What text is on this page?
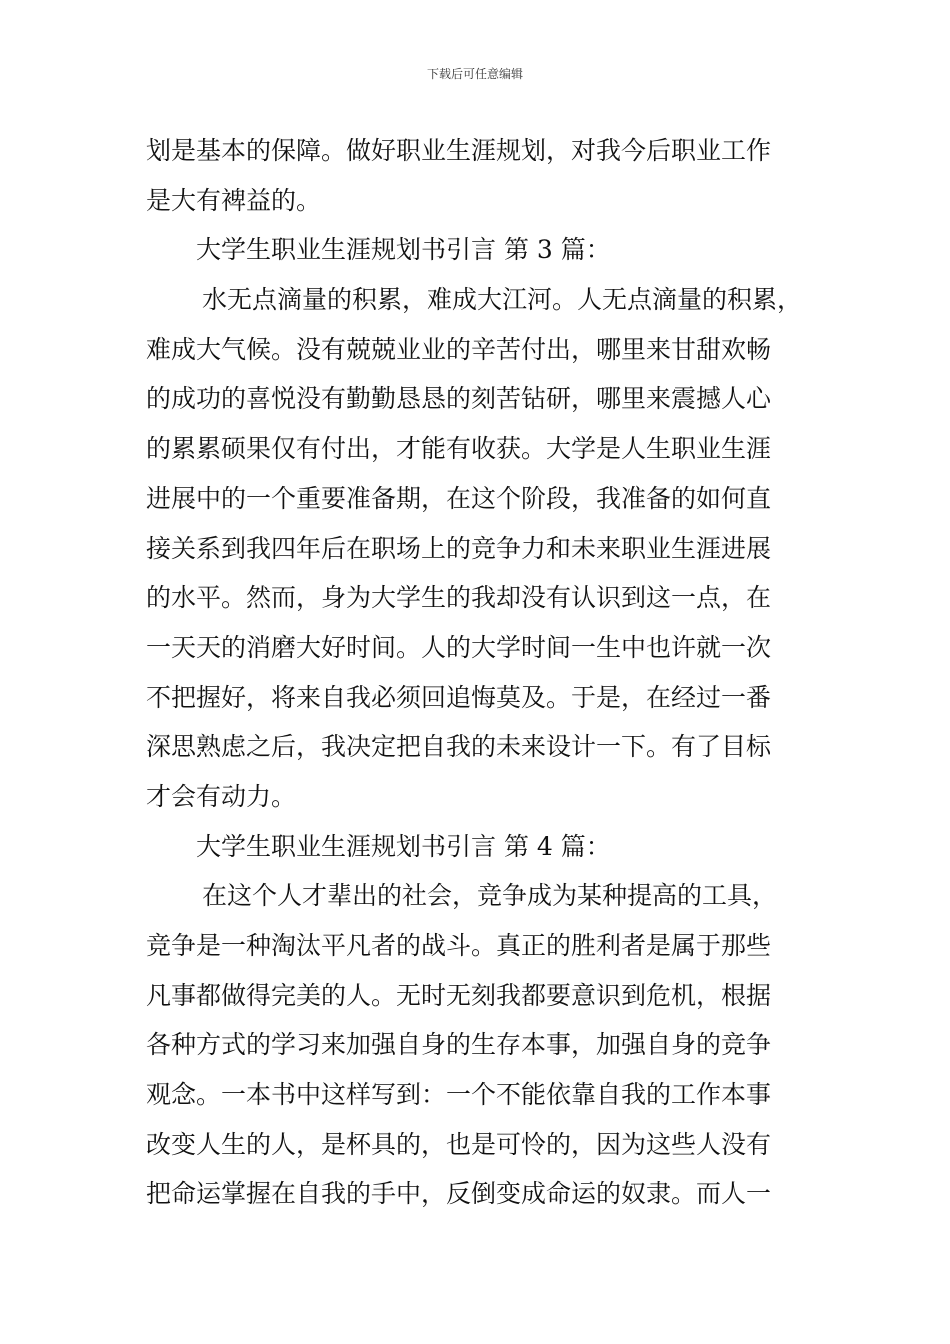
下载后可任意编辑
划是基本的保障。做好职业生涯规划，对我今后职业工作
是大有裨益的。
大学生职业生涯规划书引言 第 3 篇：
水无点滴量的积累，难成大江河。人无点滴量的积累，
难成大气候。没有兢兢业业的辛苦付出，哪里来甘甜欢畅
的成功的喜悦没有勤勤恳恳的刻苦钻研，哪里来震撼人心
的累累硕果仅有付出，才能有收获。大学是人生职业生涯
进展中的一个重要准备期，在这个阶段，我准备的如何直
接关系到我四年后在职场上的竞争力和未来职业生涯进展
的水平。然而，身为大学生的我却没有认识到这一点，在
一天天的消磨大好时间。人的大学时间一生中也许就一次
不把握好，将来自我必须回追悔莫及。于是，在经过一番
深思熟虑之后，我决定把自我的未来设计一下。有了目标
才会有动力。
大学生职业生涯规划书引言 第 4 篇：
在这个人才辈出的社会，竞争成为某种提高的工具，
竞争是一种淘汰平凡者的战斗。真正的胜利者是属于那些
凡事都做得完美的人。无时无刻我都要意识到危机，根据
各种方式的学习来加强自身的生存本事，加强自身的竞争
观念。一本书中这样写到：一个不能依靠自我的工作本事
改变人生的人，是杯具的，也是可怜的，因为这些人没有
把命运掌握在自我的手中，反倒变成命运的奴隶。而人一
